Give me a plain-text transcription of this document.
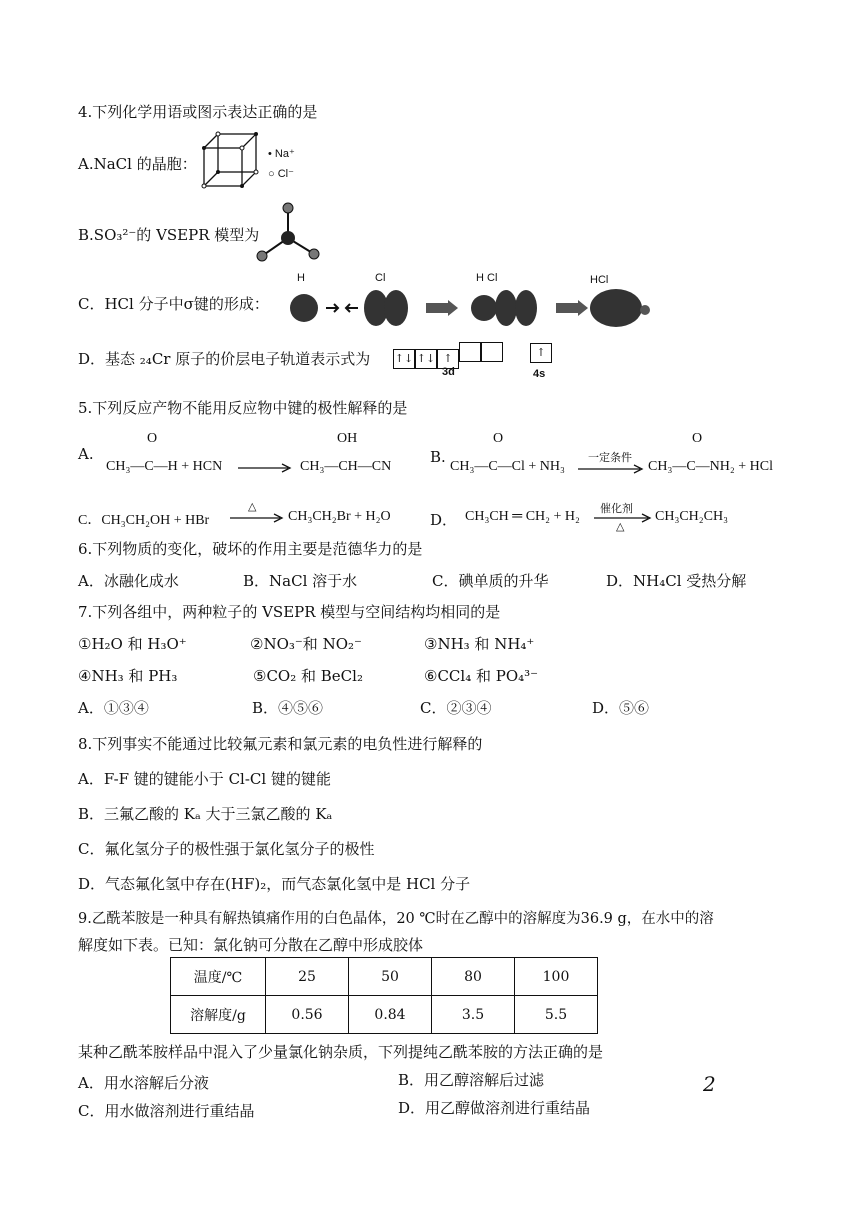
4.下列化学用语或图示表达正确的是
A.NaCl 的晶胞：
• Na⁺
○ Cl⁻
B.SO₃²⁻的 VSEPR 模型为
C．HCl 分子中σ键的形成：
H	Cl	H Cl	HCl
D．基态 ₂₄Cr 原子的价层电子轨道表示式为 ↑↓ ↑↓ ↑	↑
3d	4s
5.下列反应产物不能用反应物中键的极性解释的是
A.
O
CH₃—C—H + HCN →
OH
CH₃—CH—CN
B.
O
CH₃—C—Cl + NH₃
一定条件
O
CH₃—C—NH₂ + HCl
C．CH₃CH₂OH + HBr
△
→ CH₃CH₂Br + H₂O	D． CH₃CH ═ CH₂ + H₂ 催化剂
△
CH₃CH₂CH₃
6.下列物质的变化，破坏的作用主要是范德华力的是
A．冰融化成水	B．NaCl 溶于水	C．碘单质的升华	D．NH₄Cl 受热分解
7.下列各组中，两种粒子的 VSEPR 模型与空间结构均相同的是
①H₂O 和 H₃O⁺	②NO₃⁻和 NO₂⁻	③NH₃ 和 NH₄⁺
④NH₃ 和 PH₃	⑤CO₂ 和 BeCl₂	⑥CCl₄ 和 PO₄³⁻
A．①③④	B．④⑤⑥	C．②③④	D．⑤⑥
8.下列事实不能通过比较氟元素和氯元素的电负性进行解释的
A．F-F 键的键能小于 Cl-Cl 键的键能
B．三氟乙酸的 Kₐ 大于三氯乙酸的 Kₐ
C．氟化氢分子的极性强于氯化氢分子的极性
D．气态氟化氢中存在(HF)₂，而气态氯化氢中是 HCl 分子
9.乙酰苯胺是一种具有解热镇痛作用的白色晶体，20 ℃时在乙醇中的溶解度为36.9 g，在水中的溶
解度如下表。已知：氯化钠可分散在乙醇中形成胶体
温度/℃	25	50	80	100
溶解度/g	0.56	0.84	3.5	5.5
某种乙酰苯胺样品中混入了少量氯化钠杂质，下列提纯乙酰苯胺的方法正确的是
A．用水溶解后分液	B．用乙醇溶解后过滤
C．用水做溶剂进行重结晶	D．用乙醇做溶剂进行重结晶
2
